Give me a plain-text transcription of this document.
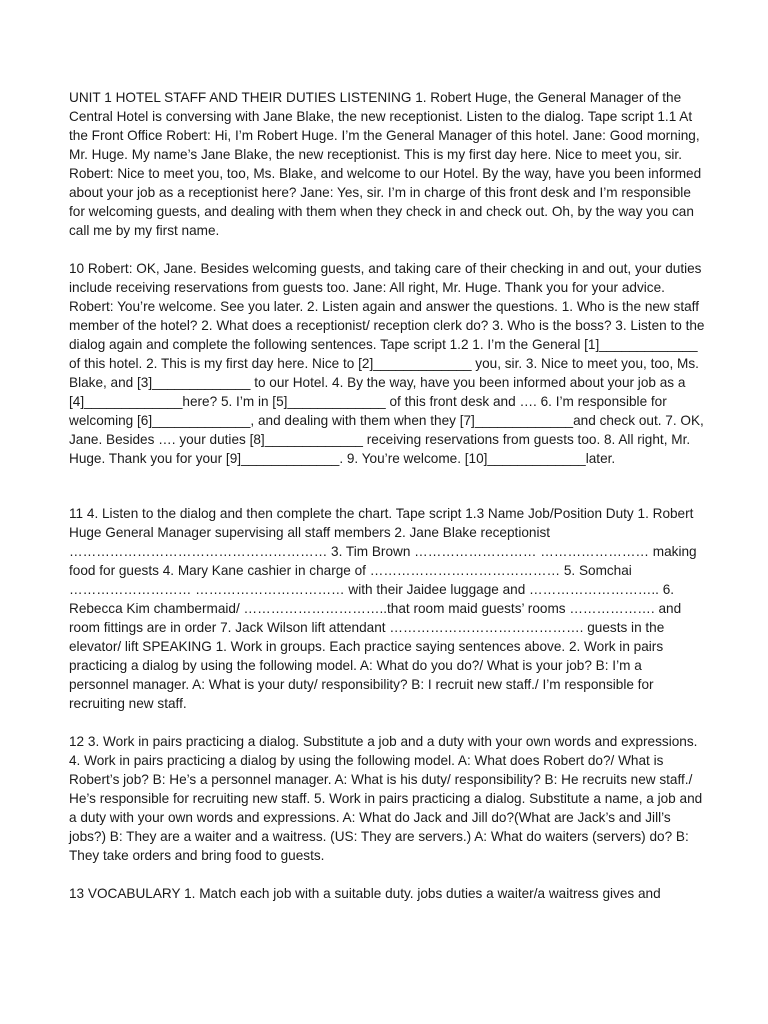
UNIT 1 HOTEL STAFF AND THEIR DUTIES LISTENING 1. Robert Huge, the General Manager of the Central Hotel is conversing with Jane Blake, the new receptionist. Listen to the dialog. Tape script 1.1 At the Front Office Robert: Hi, I’m Robert Huge. I’m the General Manager of this hotel. Jane: Good morning, Mr. Huge. My name’s Jane Blake, the new receptionist. This is my first day here. Nice to meet you, sir. Robert: Nice to meet you, too, Ms. Blake, and welcome to our Hotel. By the way, have you been informed about your job as a receptionist here? Jane: Yes, sir. I’m in charge of this front desk and I’m responsible for welcoming guests, and dealing with them when they check in and check out. Oh, by the way you can call me by my first name.

10 Robert: OK, Jane. Besides welcoming guests, and taking care of their checking in and out, your duties include receiving reservations from guests too. Jane: All right, Mr. Huge. Thank you for your advice. Robert: You’re welcome. See you later. 2. Listen again and answer the questions. 1. Who is the new staff member of the hotel? 2. What does a receptionist/ reception clerk do? 3. Who is the boss? 3. Listen to the dialog again and complete the following sentences. Tape script 1.2 1. I’m the General [1]_____________ of this hotel. 2. This is my first day here. Nice to [2]_____________ you, sir. 3. Nice to meet you, too, Ms. Blake, and [3]_____________ to our Hotel. 4. By the way, have you been informed about your job as a [4]_____________here? 5. I’m in [5]_____________ of this front desk and …. 6. I’m responsible for welcoming [6]_____________, and dealing with them when they [7]_____________and check out. 7. OK, Jane. Besides …. your duties [8]_____________ receiving reservations from guests too. 8. All right, Mr. Huge. Thank you for your [9]_____________. 9. You’re welcome. [10]_____________later.

11 4. Listen to the dialog and then complete the chart. Tape script 1.3 Name Job/Position Duty 1. Robert Huge General Manager supervising all staff members 2. Jane Blake receptionist ………………………………………………… 3. Tim Brown ……………………… …………………… making food for guests 4. Mary Kane cashier in charge of …………………………………… 5. Somchai ……………………… …………………………… with their Jaidee luggage and ……………………….. 6. Rebecca Kim chambermaid/ …………………………..that room maid guests’ rooms ………………. and room fittings are in order 7. Jack Wilson lift attendant ……………………………………. guests in the elevator/ lift SPEAKING 1. Work in groups. Each practice saying sentences above. 2. Work in pairs practicing a dialog by using the following model. A: What do you do?/ What is your job? B: I’m a personnel manager. A: What is your duty/ responsibility? B: I recruit new staff./ I’m responsible for recruiting new staff.

12 3. Work in pairs practicing a dialog. Substitute a job and a duty with your own words and expressions. 4. Work in pairs practicing a dialog by using the following model. A: What does Robert do?/ What is Robert’s job? B: He’s a personnel manager. A: What is his duty/ responsibility? B: He recruits new staff./ He’s responsible for recruiting new staff. 5. Work in pairs practicing a dialog. Substitute a name, a job and a duty with your own words and expressions. A: What do Jack and Jill do?(What are Jack’s and Jill’s jobs?) B: They are a waiter and a waitress. (US: They are servers.) A: What do waiters (servers) do? B: They take orders and bring food to guests.

13 VOCABULARY 1. Match each job with a suitable duty. jobs duties a waiter/a waitress gives and
